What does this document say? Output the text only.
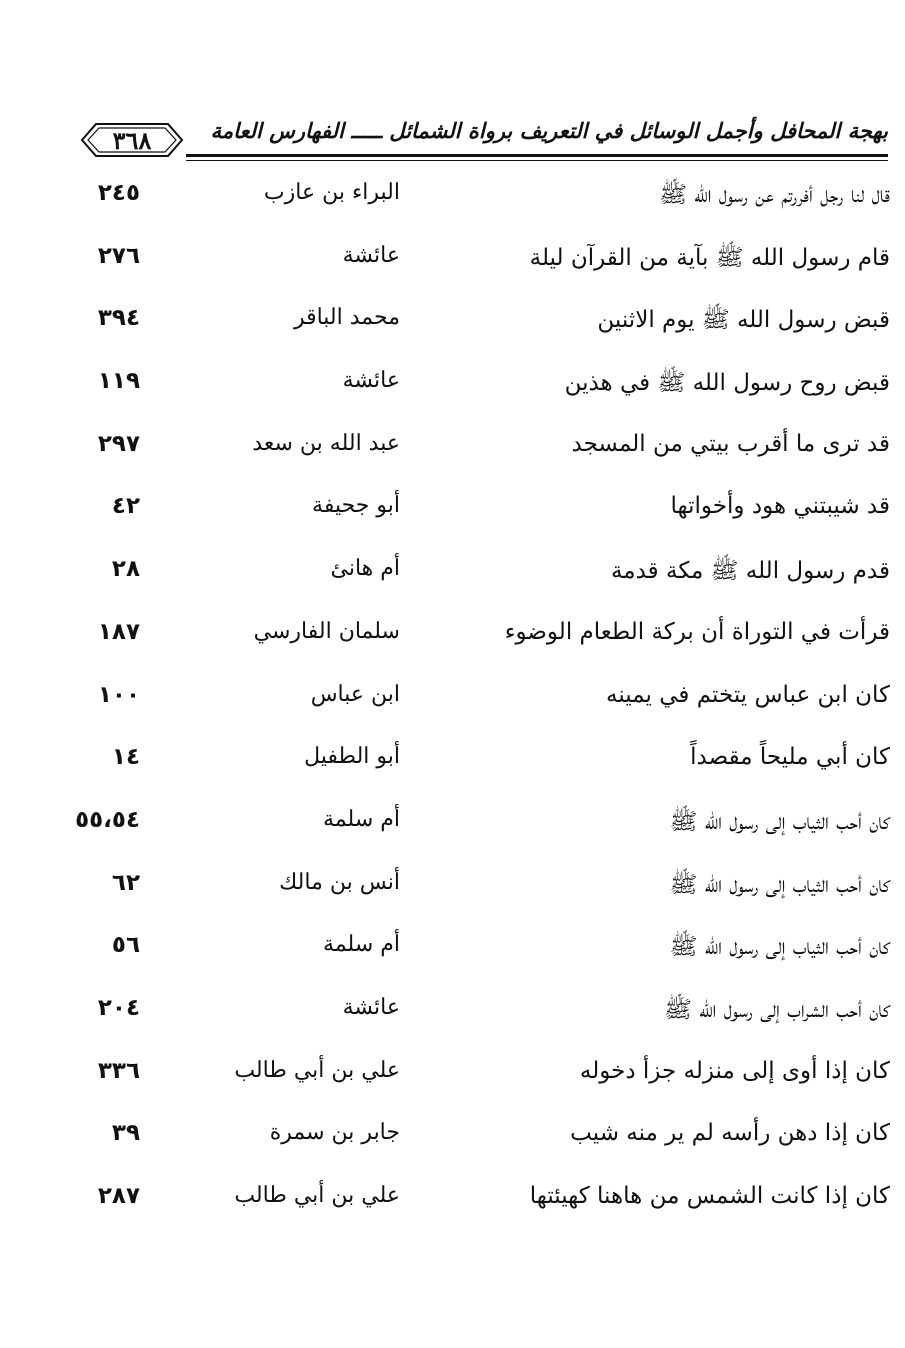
بهجة المحافل وأجمل الوسائل في التعريف برواة الشمائل ـــــ الفهارس العامة
٣٦٨
قال لنا رجل أفررتم عن رسول الله ﷺ
البراء بن عازب
٢٤٥
قام رسول الله ﷺ بآية من القرآن ليلة
عائشة
٢٧٦
قبض رسول الله ﷺ يوم الاثنين
محمد الباقر
٣٩٤
قبض روح رسول الله ﷺ في هذين
عائشة
١١٩
قد ترى ما أقرب بيتي من المسجد
عبد الله بن سعد
٢٩٧
قد شيبتني هود وأخواتها
أبو جحيفة
٤٢
قدم رسول الله ﷺ مكة قدمة
أم هانئ
٢٨
قرأت في التوراة أن بركة الطعام الوضوء
سلمان الفارسي
١٨٧
كان ابن عباس يتختم في يمينه
ابن عباس
١٠٠
كان أبي مليحاً مقصداً
أبو الطفيل
١٤
كان أحب الثياب إلى رسول الله ﷺ
أم سلمة
٥٥،٥٤
كان أحب الثياب إلى رسول الله ﷺ
أنس بن مالك
٦٢
كان أحب الثياب إلى رسول الله ﷺ
أم سلمة
٥٦
كان أحب الشراب إلى رسول الله ﷺ
عائشة
٢٠٤
كان إذا أوى إلى منزله جزأ دخوله
علي بن أبي طالب
٣٣٦
كان إذا دهن رأسه لم ير منه شيب
جابر بن سمرة
٣٩
كان إذا كانت الشمس من هاهنا كهيئتها
علي بن أبي طالب
٢٨٧
